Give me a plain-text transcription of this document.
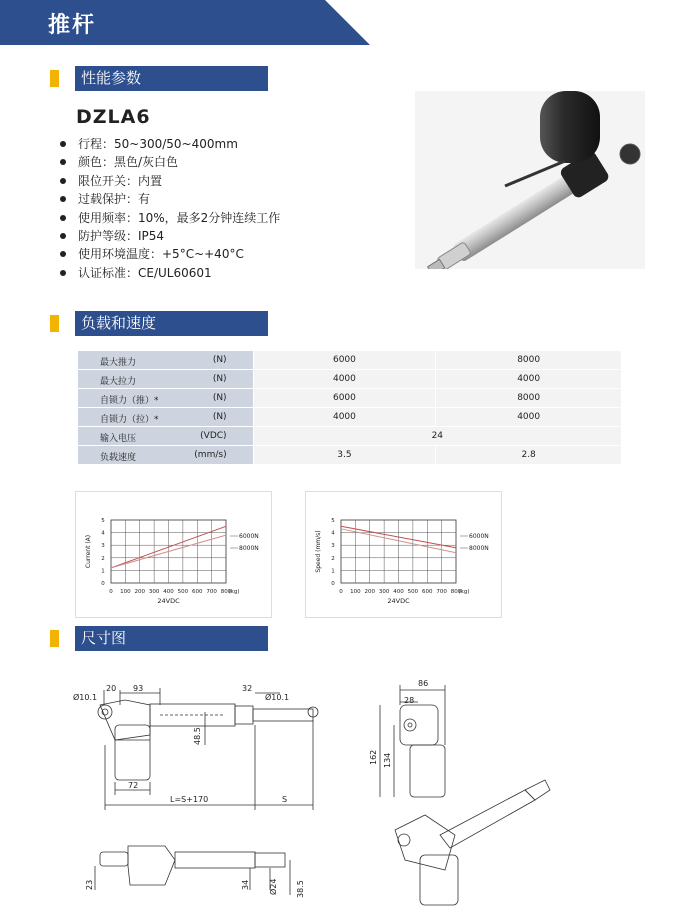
推杆
性能参数
DZLA6
行程：50~300/50~400mm
颜色：黑色/灰白色
限位开关：内置
过载保护：有
使用频率：10%，最多2分钟连续工作
防护等级：IP54
使用环境温度：+5°C~+40°C
认证标准：CE/UL60601
负载和速度
最大推力 (N)	6000	8000

最大拉力 (N)	4000	4000

自锁力（推）* (N)	6000	8000

自锁力（拉）* (N)	4000	4000

输入电压 (VDC)	24	

负载速度 (mm/s)	3.5	2.8
0 100 200 300 400 500 600 700 800
(kg)
0
1
2
3
4
5
24VDC
Current (A)	6000N
8000N
0 100 200 300 400 500 600 700 800
(kg)
0
1
2
3
4
5
24VDC
Speed (mm/s)	6000N
8000N
尺寸图
Ø10.1
20 93	32
Ø10.1
48.5
72
L=S+170	S
86
28
162 134
23	34 Ø24 38.5
